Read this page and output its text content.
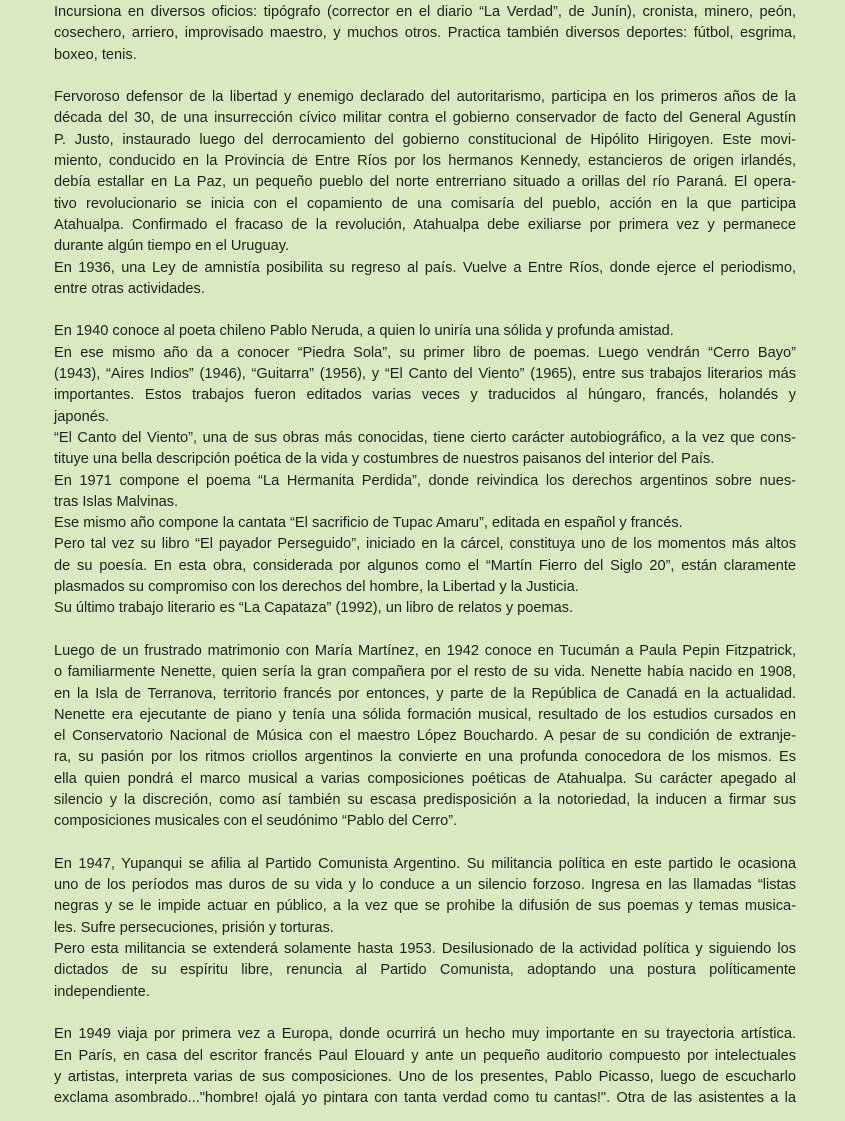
Incursiona en diversos oficios: tipógrafo (corrector en el diario “La Verdad”, de Junín), cronista, minero, peón,
cosechero, arriero, improvisado maestro, y muchos otros. Practica también diversos deportes: fútbol, esgrima,
boxeo, tenis.
Fervoroso defensor de la libertad y enemigo declarado del autoritarismo, participa en los primeros años de la
década del 30, de una insurrección cívico militar contra el gobierno conservador de facto del General Agustín
P. Justo, instaurado luego del derrocamiento del gobierno constitucional de Hipólito Hirigoyen. Este movi-
miento, conducido en la Provincia de Entre Ríos por los hermanos Kennedy, estancieros de origen irlandés,
debía estallar en La Paz, un pequeño pueblo del norte entrerriano situado a orillas del río Paraná. El opera-
tivo revolucionario se inicia con el copamiento de una comisaría del pueblo, acción en la que participa
Atahualpa. Confirmado el fracaso de la revolución, Atahualpa debe exiliarse por primera vez y permanece
durante algún tiempo en el Uruguay.
En 1936, una Ley de amnistía posibilita su regreso al país. Vuelve a Entre Ríos, donde ejerce el periodismo,
entre otras actividades.
En 1940 conoce al poeta chileno Pablo Neruda, a quien lo uniría una sólida y profunda amistad.
En ese mismo año da a conocer “Piedra Sola”, su primer libro de poemas. Luego vendrán “Cerro Bayo”
(1943), “Aires Indios” (1946), “Guitarra” (1956), y “El Canto del Viento” (1965), entre sus trabajos literarios más
importantes. Estos trabajos fueron editados varias veces y traducidos al húngaro, francés, holandés y
japonés.
“El Canto del Viento”, una de sus obras más conocidas, tiene cierto carácter autobiográfico, a la vez que cons-
tituye una bella descripción poética de la vida y costumbres de nuestros paisanos del interior del País.
En 1971 compone el poema “La Hermanita Perdida”, donde reivindica los derechos argentinos sobre nues-
tras Islas Malvinas.
Ese mismo año compone la cantata “El sacrificio de Tupac Amaru”, editada en español y francés.
Pero tal vez su libro “El payador Perseguido”, iniciado en la cárcel, constituya uno de los momentos más altos
de su poesía. En esta obra, considerada por algunos como el “Martín Fierro del Siglo 20”, están claramente
plasmados su compromiso con los derechos del hombre, la Libertad y la Justicia.
Su último trabajo literario es “La Capataza” (1992), un libro de relatos y poemas.
Luego de un frustrado matrimonio con María Martínez, en 1942 conoce en Tucumán a Paula Pepin Fitzpatrick,
o familiarmente Nenette, quien sería la gran compañera por el resto de su vida. Nenette había nacido en 1908,
en la Isla de Terranova, territorio francés por entonces, y parte de la República de Canadá en la actualidad.
Nenette era ejecutante de piano y tenía una sólida formación musical, resultado de los estudios cursados en
el Conservatorio Nacional de Música con el maestro López Bouchardo. A pesar de su condición de extranje-
ra, su pasión por los ritmos criollos argentinos la convierte en una profunda conocedora de los mismos. Es
ella quien pondrá el marco musical a varias composiciones poéticas de Atahualpa. Su carácter apegado al
silencio y la discreción, como así también su escasa predisposición a la notoriedad, la inducen a firmar sus
composiciones musicales con el seudónimo “Pablo del Cerro”.
En 1947, Yupanqui se afilia al Partido Comunista Argentino. Su militancia política en este partido le ocasiona
uno de los períodos mas duros de su vida y lo conduce a un silencio forzoso. Ingresa en las llamadas “listas
negras y se le impide actuar en público, a la vez que se prohibe la difusión de sus poemas y temas musica-
les. Sufre persecuciones, prisión y torturas.
Pero esta militancia se extenderá solamente hasta 1953. Desilusionado de la actividad política y siguiendo los
dictados de su espíritu libre, renuncia al Partido Comunista, adoptando una postura políticamente
independiente.
En 1949 viaja por primera vez a Europa, donde ocurrirá un hecho muy importante en su trayectoria artística.
En París, en casa del escritor francés Paul Elouard y ante un pequeño auditorio compuesto por intelectuales
y artistas, interpreta varias de sus composiciones. Uno de los presentes, Pablo Picasso, luego de escucharlo
exclama asombrado..."hombre! ojalá yo pintara con tanta verdad como tu cantas!". Otra de las asistentes a la
